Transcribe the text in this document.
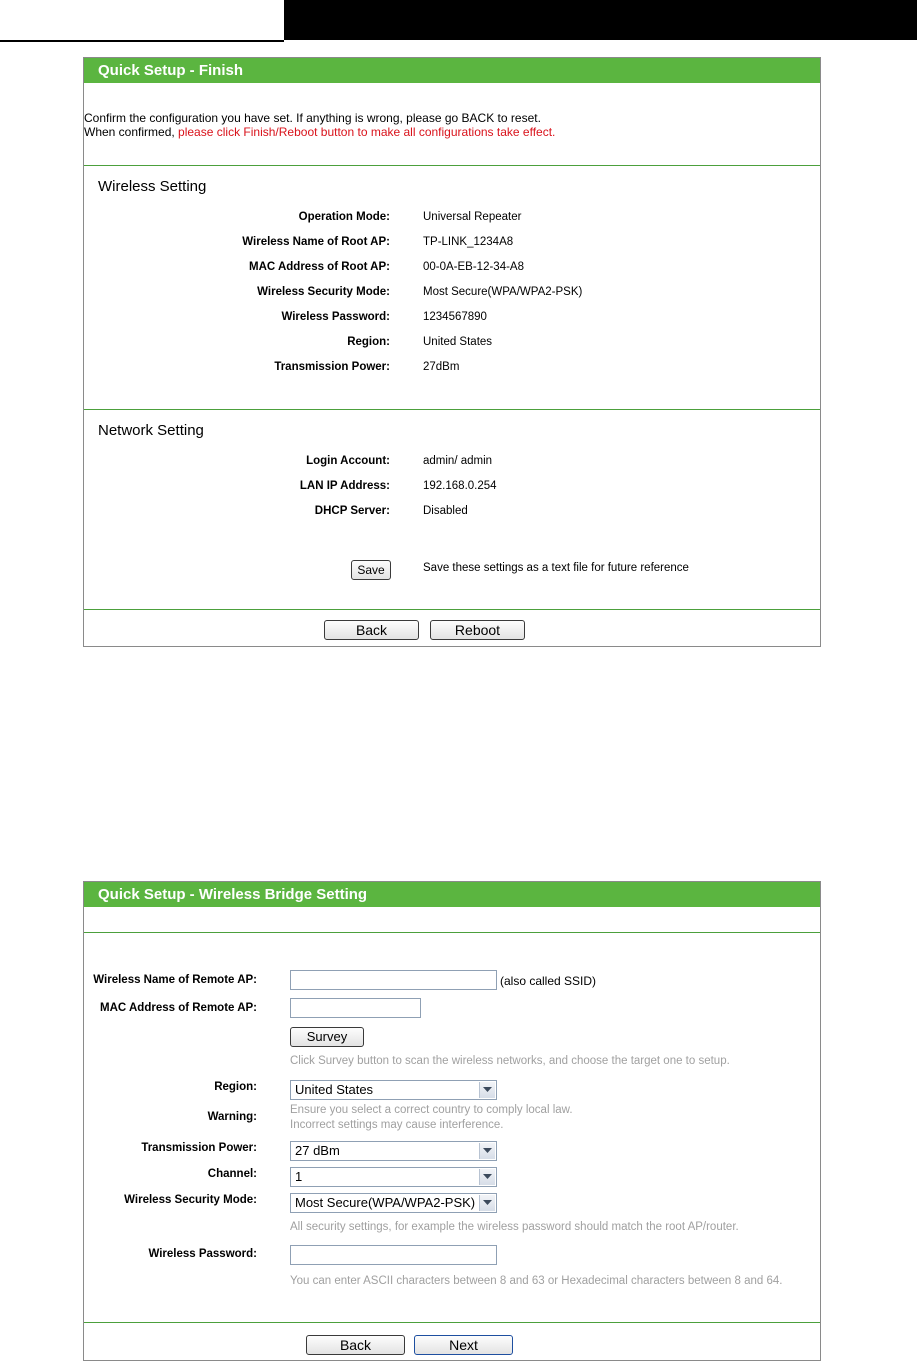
Quick Setup - Finish
Confirm the configuration you have set. If anything is wrong, please go BACK to reset.
When confirmed, please click Finish/Reboot button to make all configurations take effect.
Wireless Setting
Operation Mode:	Universal Repeater
Wireless Name of Root AP:	TP-LINK_1234A8
MAC Address of Root AP:	00-0A-EB-12-34-A8
Wireless Security Mode:	Most Secure(WPA/WPA2-PSK)
Wireless Password:	1234567890
Region:	United States
Transmission Power:	27dBm
Network Setting
Login Account:	admin/ admin
LAN IP Address:	192.168.0.254
DHCP Server:	Disabled
Save	Save these settings as a text file for future reference
Back	Reboot
Quick Setup - Wireless Bridge Setting
Wireless Name of Remote AP:	(also called SSID)
MAC Address of Remote AP:
Survey
Click Survey button to scan the wireless networks, and choose the target one to setup.
Region:	United States
Warning:
Ensure you select a correct country to comply local law.
Incorrect settings may cause interference.
Transmission Power:	27 dBm
Channel:	1
Wireless Security Mode:	Most Secure(WPA/WPA2-PSK)
All security settings, for example the wireless password should match the root AP/router.
Wireless Password:
You can enter ASCII characters between 8 and 63 or Hexadecimal characters between 8 and 64.
Back	Next
